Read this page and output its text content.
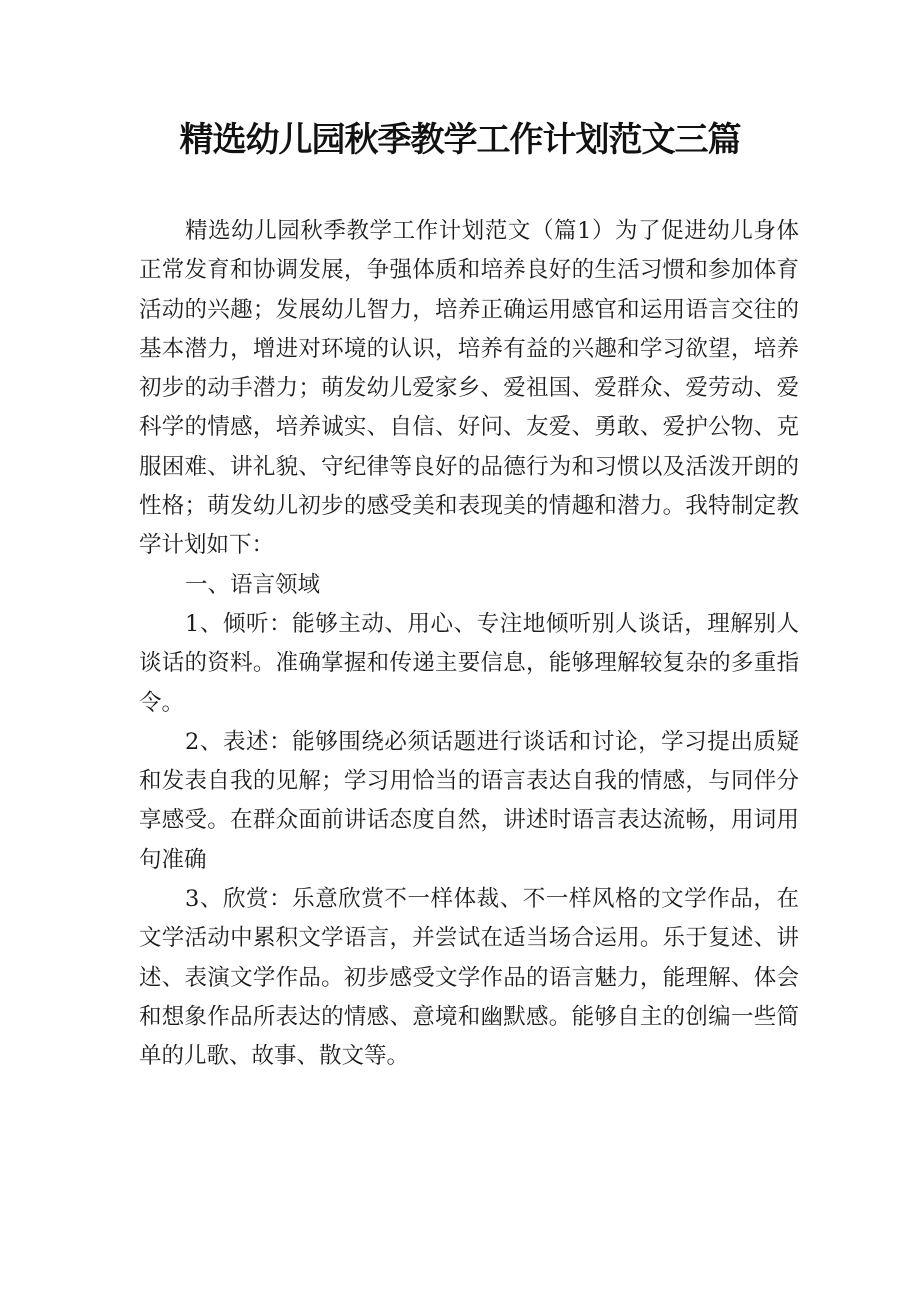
精选幼儿园秋季教学工作计划范文三篇

精选幼儿园秋季教学工作计划范文（篇1）为了促进幼儿身体正常发育和协调发展，争强体质和培养良好的生活习惯和参加体育活动的兴趣；发展幼儿智力，培养正确运用感官和运用语言交往的基本潜力，增进对环境的认识，培养有益的兴趣和学习欲望，培养初步的动手潜力；萌发幼儿爱家乡、爱祖国、爱群众、爱劳动、爱科学的情感，培养诚实、自信、好问、友爱、勇敢、爱护公物、克服困难、讲礼貌、守纪律等良好的品德行为和习惯以及活泼开朗的性格；萌发幼儿初步的感受美和表现美的情趣和潜力。我特制定教学计划如下：

一、语言领域

1、倾听：能够主动、用心、专注地倾听别人谈话，理解别人谈话的资料。准确掌握和传递主要信息，能够理解较复杂的多重指令。

2、表述：能够围绕必须话题进行谈话和讨论，学习提出质疑和发表自我的见解；学习用恰当的语言表达自我的情感，与同伴分享感受。在群众面前讲话态度自然，讲述时语言表达流畅，用词用句准确

3、欣赏：乐意欣赏不一样体裁、不一样风格的文学作品，在文学活动中累积文学语言，并尝试在适当场合运用。乐于复述、讲述、表演文学作品。初步感受文学作品的语言魅力，能理解、体会和想象作品所表达的情感、意境和幽默感。能够自主的创编一些简单的儿歌、故事、散文等。
